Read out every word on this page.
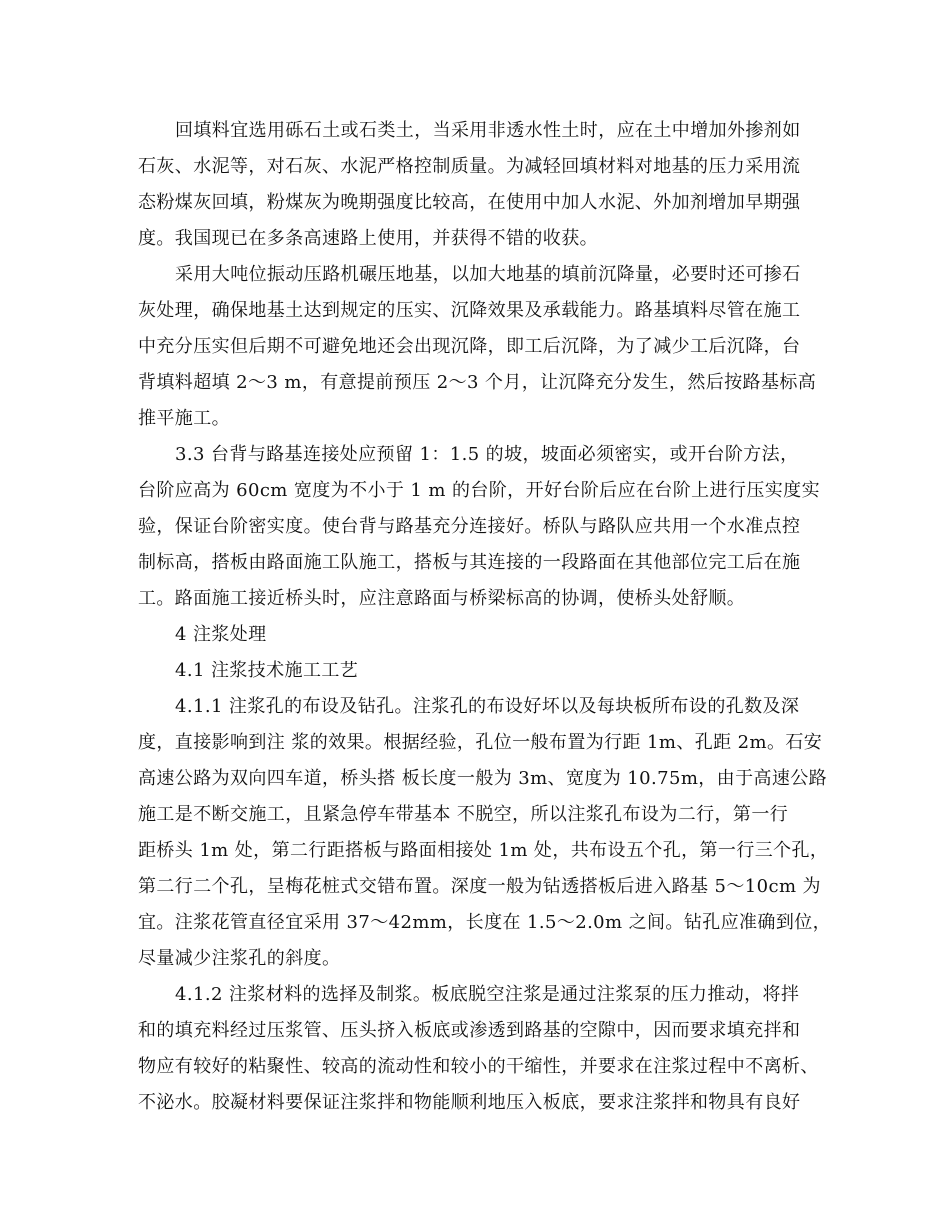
回填料宜选用砾石土或石类土，当采用非透水性土时，应在土中增加外掺剂如
石灰、水泥等，对石灰、水泥严格控制质量。为减轻回填材料对地基的压力采用流
态粉煤灰回填，粉煤灰为晚期强度比较高，在使用中加人水泥、外加剂增加早期强
度。我国现已在多条高速路上使用，并获得不错的收获。
采用大吨位振动压路机碾压地基，以加大地基的填前沉降量，必要时还可掺石
灰处理，确保地基土达到规定的压实、沉降效果及承载能力。路基填料尽管在施工
中充分压实但后期不可避免地还会出现沉降，即工后沉降，为了减少工后沉降，台
背填料超填 2～3 m，有意提前预压 2～3 个月，让沉降充分发生，然后按路基标高
推平施工。
3.3 台背与路基连接处应预留 1：1.5 的坡，坡面必须密实，或开台阶方法，
台阶应高为 60cm 宽度为不小于 1 m 的台阶，开好台阶后应在台阶上进行压实度实
验，保证台阶密实度。使台背与路基充分连接好。桥队与路队应共用一个水准点控
制标高，搭板由路面施工队施工，搭板与其连接的一段路面在其他部位完工后在施
工。路面施工接近桥头时，应注意路面与桥梁标高的协调，使桥头处舒顺。
4 注浆处理
4.1 注浆技术施工工艺
4.1.1 注浆孔的布设及钻孔。注浆孔的布设好坏以及每块板所布设的孔数及深
度，直接影响到注 浆的效果。根据经验，孔位一般布置为行距 1m、孔距 2m。石安
高速公路为双向四车道，桥头搭 板长度一般为 3m、宽度为 10.75m，由于高速公路
施工是不断交施工，且紧急停车带基本 不脱空，所以注浆孔布设为二行，第一行
距桥头 1m 处，第二行距搭板与路面相接处 1m 处，共布设五个孔，第一行三个孔，
第二行二个孔，呈梅花桩式交错布置。深度一般为钻透搭板后进入路基 5～10cm 为
宜。注浆花管直径宜采用 37～42mm，长度在 1.5～2.0m 之间。钻孔应准确到位，
尽量减少注浆孔的斜度。
4.1.2 注浆材料的选择及制浆。板底脱空注浆是通过注浆泵的压力推动，将拌
和的填充料经过压浆管、压头挤入板底或渗透到路基的空隙中，因而要求填充拌和
物应有较好的粘聚性、较高的流动性和较小的干缩性，并要求在注浆过程中不离析、
不泌水。胶凝材料要保证注浆拌和物能顺利地压入板底，要求注浆拌和物具有良好
